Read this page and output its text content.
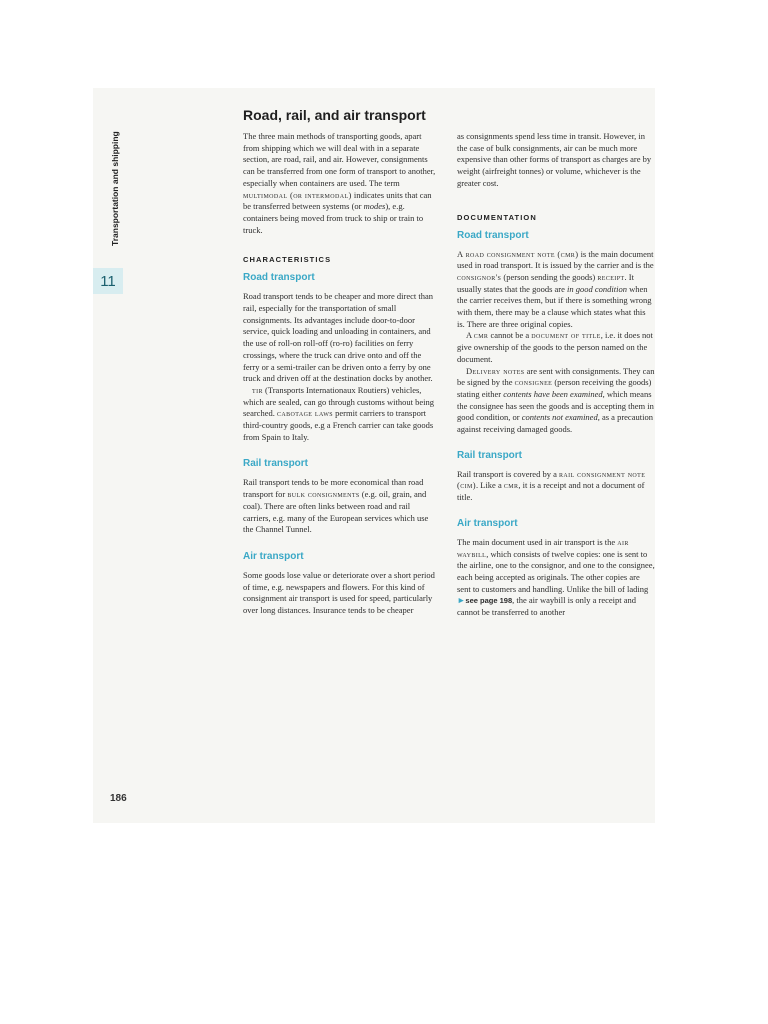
Transportation and shipping
11
186
Road, rail, and air transport

The three main methods of transporting goods, apart from shipping which we will deal with in a separate section, are road, rail, and air. However, consignments can be transferred from one form of transport to another, especially when containers are used. The term multimodal (or intermodal) indicates units that can be transferred between systems (or modes), e.g. containers being moved from truck to ship or train to truck.

CHARACTERISTICS
Road transport

Road transport tends to be cheaper and more direct than rail, especially for the transportation of small consignments. Its advantages include door-to-door service, quick loading and unloading in containers, and the use of roll-on roll-off (ro-ro) facilities on ferry crossings, where the truck can drive onto and off the ferry or a semi-trailer can be driven onto a ferry by one truck and driven off at the destination docks by another.

tir (Transports Internationaux Routiers) vehicles, which are sealed, can go through customs without being searched. cabotage laws permit carriers to transport third-country goods, e.g a French carrier can take goods from Spain to Italy.

Rail transport

Rail transport tends to be more economical than road transport for bulk consignments (e.g. oil, grain, and coal). There are often links between road and rail carriers, e.g. many of the European services which use the Channel Tunnel.

Air transport

Some goods lose value or deteriorate over a short period of time, e.g. newspapers and flowers. For this kind of consignment air transport is used for speed, particularly over long distances. Insurance tends to be cheaper

as consignments spend less time in transit. However, in the case of bulk consignments, air can be much more expensive than other forms of transport as charges are by weight (airfreight tonnes) or volume, whichever is the greater cost.

DOCUMENTATION
Road transport

A road consignment note (cmr) is the main document used in road transport. It is issued by the carrier and is the consignor's (person sending the goods) receipt. It usually states that the goods are in good condition when the carrier receives them, but if there is something wrong with them, there may be a clause which states what this is. There are three original copies.

A cmr cannot be a document of title, i.e. it does not give ownership of the goods to the person named on the document.

Delivery notes are sent with consignments. They can be signed by the consignee (person receiving the goods) stating either contents have been examined, which means the consignee has seen the goods and is accepting them in good condition, or contents not examined, as a precaution against receiving damaged goods.

Rail transport

Rail transport is covered by a rail consignment note (cim). Like a cmr, it is a receipt and not a document of title.

Air transport

The main document used in air transport is the air waybill, which consists of twelve copies: one is sent to the airline, one to the consignor, and one to the consignee, each being accepted as originals. The other copies are sent to customers and handling. Unlike the bill of lading ►see page 198, the air waybill is only a receipt and cannot be transferred to another
